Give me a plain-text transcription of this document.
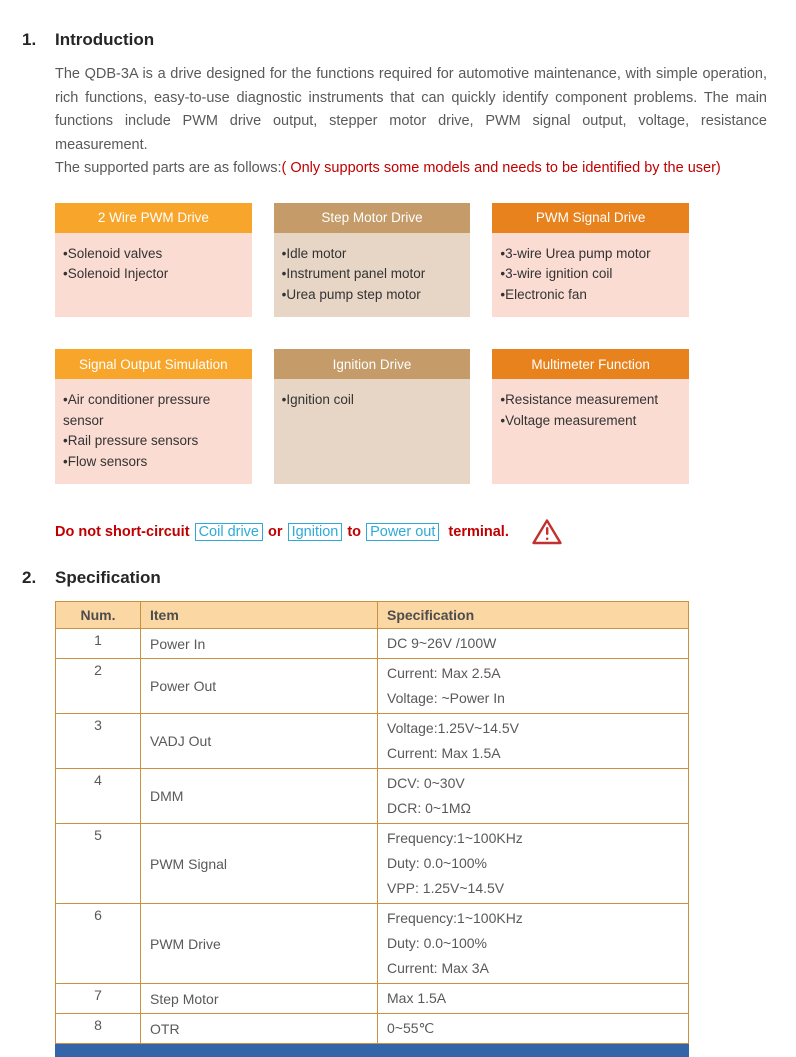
1.	Introduction

The QDB-3A is a drive designed for the functions required for automotive maintenance, with simple operation, rich functions, easy-to-use diagnostic instruments that can quickly identify component problems. The main functions include PWM drive output, stepper motor drive, PWM signal output, voltage, resistance measurement.

The supported parts are as follows:( Only supports some models and needs to be identified by the user)

2 Wire PWM Drive
• Solenoid valves
• Solenoid Injector
Step Motor Drive
• Idle motor
• Instrument panel motor
• Urea pump step motor
PWM Signal Drive
• 3-wire Urea pump motor
• 3-wire ignition coil
• Electronic fan
Signal Output Simulation
• Air conditioner pressure sensor
• Rail pressure sensors
• Flow sensors
Ignition Drive
• Ignition coil
Multimeter Function
• Resistance measurement
• Voltage measurement
Do not short-circuit Coil drive or Ignition to Power out terminal.
2.	Specification
Num.	Item	Specification
1	Power In	DC 9~26V /100W

2	Power Out	Current: Max 2.5A
Voltage: ~Power In

3	VADJ Out	Voltage:1.25V~14.5V
Current: Max 1.5A

4	DMM	DCV: 0~30V
DCR: 0~1MΩ

5	PWM Signal	Frequency:1~100KHz
Duty: 0.0~100%
VPP: 1.25V~14.5V

6	PWM Drive	Frequency:1~100KHz
Duty: 0.0~100%
Current: Max 3A

7	Step Motor	Max 1.5A

8	OTR	0~55℃
